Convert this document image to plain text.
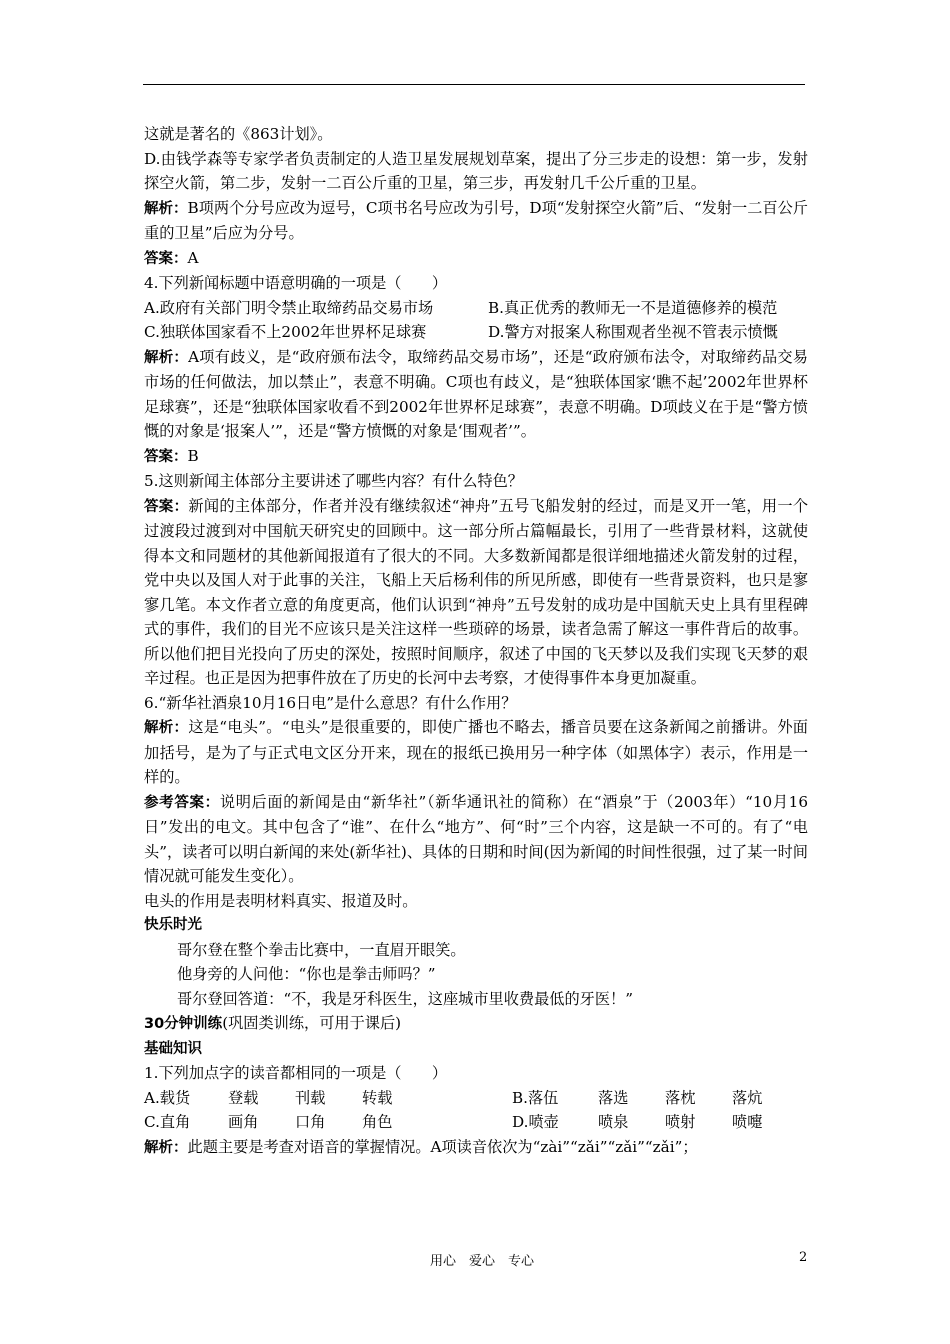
这就是著名的《863计划》。

D.由钱学森等专家学者负责制定的人造卫星发展规划草案，提出了分三步走的设想：第一步，发射探空火箭，第二步，发射一二百公斤重的卫星，第三步，再发射几千公斤重的卫星。

解析：B项两个分号应改为逗号，C项书名号应改为引号，D项“发射探空火箭”后、“发射一二百公斤重的卫星”后应为分号。

答案：A

4.下列新闻标题中语意明确的一项是（　　）

A.政府有关部门明令禁止取缔药品交易市场	B.真正优秀的教师无一不是道德修养的模范
C.独联体国家看不上2002年世界杯足球赛	D.警方对报案人称围观者坐视不管表示愤慨

解析：A项有歧义，是“政府颁布法令，取缔药品交易市场”，还是“政府颁布法令，对取缔药品交易市场的任何做法，加以禁止”，表意不明确。C项也有歧义，是“独联体国家‘瞧不起’2002年世界杯足球赛”，还是“独联体国家收看不到2002年世界杯足球赛”，表意不明确。D项歧义在于是“警方愤慨的对象是‘报案人’”，还是“警方愤慨的对象是‘围观者’”。

答案：B

5.这则新闻主体部分主要讲述了哪些内容？有什么特色？

答案：新闻的主体部分，作者并没有继续叙述“神舟”五号飞船发射的经过，而是叉开一笔，用一个过渡段过渡到对中国航天研究史的回顾中。这一部分所占篇幅最长，引用了一些背景材料，这就使得本文和同题材的其他新闻报道有了很大的不同。大多数新闻都是很详细地描述火箭发射的过程，党中央以及国人对于此事的关注，飞船上天后杨利伟的所见所感，即使有一些背景资料，也只是寥寥几笔。本文作者立意的角度更高，他们认识到“神舟”五号发射的成功是中国航天史上具有里程碑式的事件，我们的目光不应该只是关注这样一些琐碎的场景，读者急需了解这一事件背后的故事。所以他们把目光投向了历史的深处，按照时间顺序，叙述了中国的飞天梦以及我们实现飞天梦的艰辛过程。也正是因为把事件放在了历史的长河中去考察，才使得事件本身更加凝重。

6.“新华社酒泉10月16日电”是什么意思？有什么作用？

解析：这是“电头”。“电头”是很重要的，即使广播也不略去，播音员要在这条新闻之前播讲。外面加括号，是为了与正式电文区分开来，现在的报纸已换用另一种字体（如黑体字）表示，作用是一样的。

参考答案：说明后面的新闻是由“新华社”（新华通讯社的简称）在“酒泉”于（2003年）“10月16日”发出的电文。其中包含了“谁”、在什么“地方”、何“时”三个内容，这是缺一不可的。有了“电头”，读者可以明白新闻的来处(新华社)、具体的日期和时间(因为新闻的时间性很强，过了某一时间情况就可能发生变化）。

电头的作用是表明材料真实、报道及时。

快乐时光

哥尔登在整个拳击比赛中，一直眉开眼笑。

他身旁的人问他：“你也是拳击师吗？”

哥尔登回答道：“不，我是牙科医生，这座城市里收费最低的牙医！”

30分钟训练(巩固类训练，可用于课后)

基础知识

1.下列加点字的读音都相同的一项是（　　）

A.载货	登载	刊载	转载	B.落伍	落选	落枕	落炕
C.直角	画角	口角	角色	D.喷壶	喷泉	喷射	喷嚏

解析：此题主要是考查对语音的掌握情况。A项读音依次为“zài”“zǎi”“zǎi”“zǎi”；

用心　爱心　专心	2
